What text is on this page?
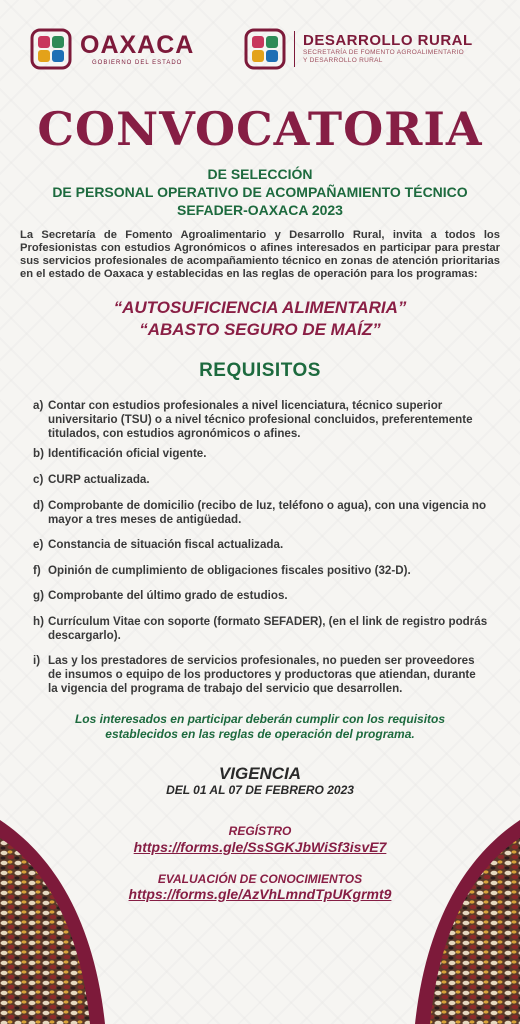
OAXACA
GOBIERNO DEL ESTADO
DESARROLLO RURAL
SECRETARÍA DE FOMENTO AGROALIMENTARIO
Y DESARROLLO RURAL
CONVOCATORIA
DE SELECCIÓN
DE PERSONAL OPERATIVO DE ACOMPAÑAMIENTO TÉCNICO
SEFADER-OAXACA 2023
La Secretaría de Fomento Agroalimentario y Desarrollo Rural, invita a todos los Profesionistas con estudios Agronómicos o afines interesados en participar para prestar sus servicios profesionales de acompañamiento técnico en zonas de atención prioritarias en el estado de Oaxaca y establecidas en las reglas de operación para los programas:
“AUTOSUFICIENCIA ALIMENTARIA”
“ABASTO SEGURO DE MAÍZ”
REQUISITOS
a) Contar con estudios profesionales a nivel licenciatura, técnico superior universitario (TSU) o a nivel técnico profesional concluidos, preferentemente titulados, con estudios agronómicos o afines.
b) Identificación oficial vigente.
c) CURP actualizada.
d) Comprobante de domicilio (recibo de luz, teléfono o agua), con una vigencia no mayor a tres meses de antigüedad.
e) Constancia de situación fiscal actualizada.
f) Opinión de cumplimiento de obligaciones fiscales positivo (32-D).
g) Comprobante del último grado de estudios.
h) Currículum Vitae con soporte (formato SEFADER), (en el link de registro podrás descargarlo).
i) Las y los prestadores de servicios profesionales, no pueden ser proveedores de insumos o equipo de los productores y productoras que atiendan, durante la vigencia del programa de trabajo del servicio que desarrollen.
Los interesados en participar deberán cumplir con los requisitos establecidos en las reglas de operación del programa.
VIGENCIA
DEL 01 AL 07 DE FEBRERO 2023
REGÍSTRO
https://forms.gle/SsSGKJbWiSf3isvE7
EVALUACIÓN DE CONOCIMIENTOS
https://forms.gle/AzVhLmndTpUKgrmt9
